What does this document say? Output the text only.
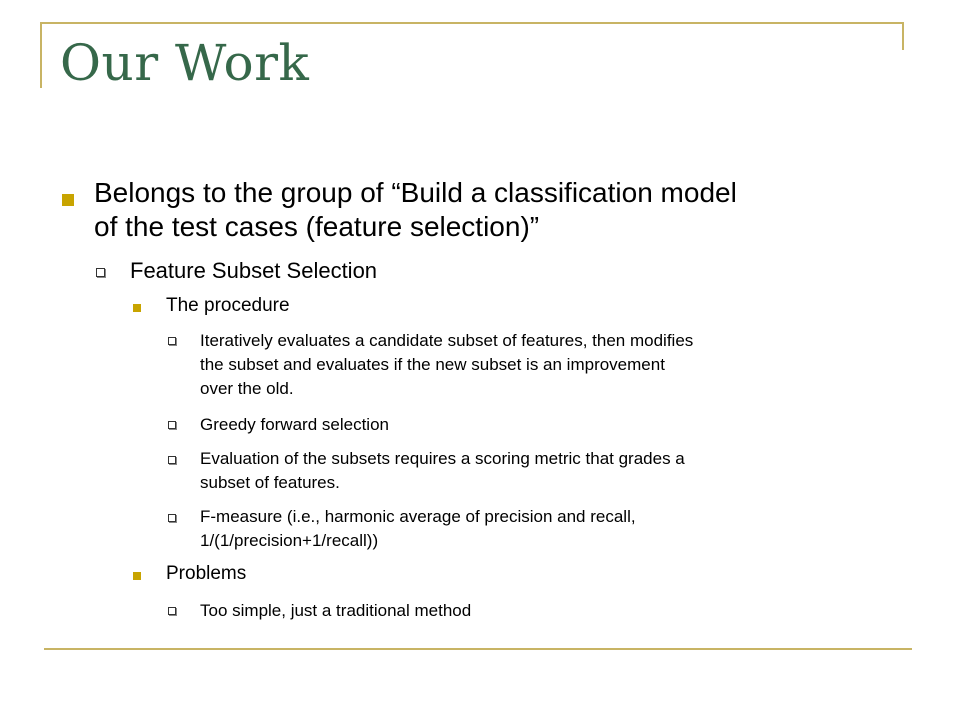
Our Work
Belongs to the group of “Build a classification model
of the test cases (feature selection)”
Feature Subset Selection
The procedure
Iteratively evaluates a candidate subset of features, then modifies
the subset and evaluates if the new subset is an improvement
over the old.
Greedy forward selection
Evaluation of the subsets requires a scoring metric that grades a
subset of features.
F-measure (i.e., harmonic average of precision and recall,
1/(1/precision+1/recall))
Problems
Too simple, just a traditional method
